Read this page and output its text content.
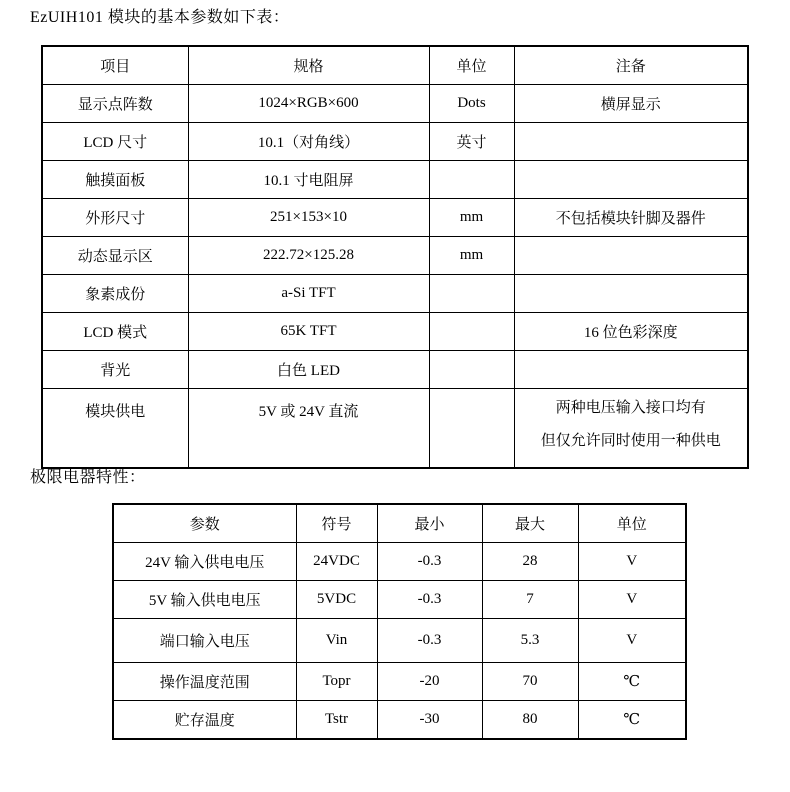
EzUIH101 模块的基本参数如下表：
项目	规格	单位	注备
显示点阵数	1024×RGB×600	Dots	横屏显示
LCD 尺寸	10.1（对角线）	英寸	
触摸面板	10.1 寸电阻屏		
外形尺寸	251×153×10	mm	不包括模块针脚及器件
动态显示区	222.72×125.28	mm	
象素成份	a-Si TFT		
LCD 模式	65K TFT		16 位色彩深度
背光	白色 LED		
模块供电	5V 或 24V 直流		两种电压输入接口均有
但仅允许同时使用一种供电
极限电器特性：
参数	符号	最小	最大	单位
24V 输入供电电压	24VDC	-0.3	28	V
5V 输入供电电压	5VDC	-0.3	7	V
端口输入电压	Vin	-0.3	5.3	V
操作温度范围	Topr	-20	70	℃
贮存温度	Tstr	-30	80	℃
